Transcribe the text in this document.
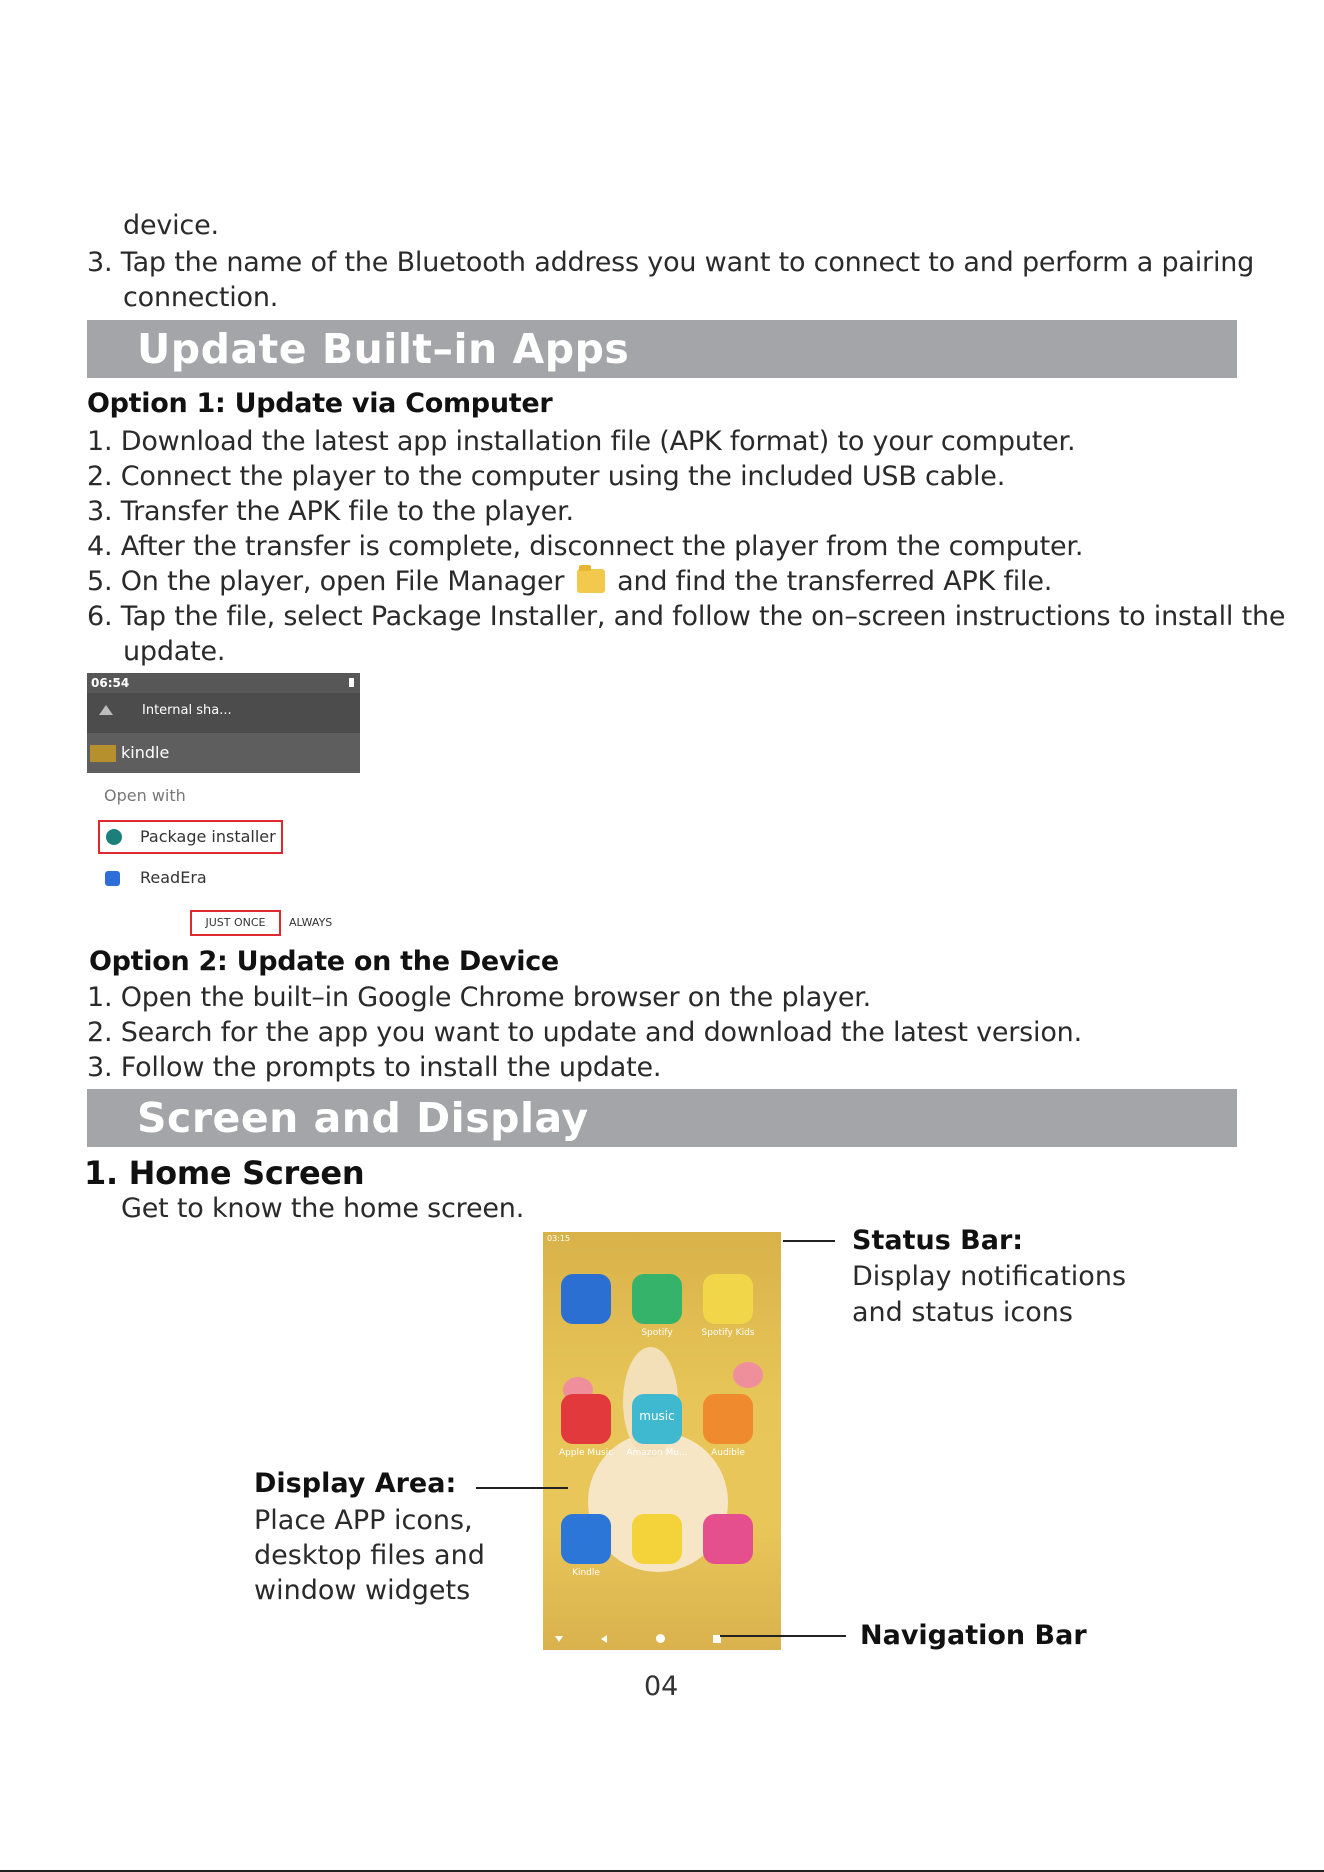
device.
3. Tap the name of the Bluetooth address you want to connect to and perform a pairing
connection.
Update Built–in Apps
Option 1: Update via Computer
1. Download the latest app installation file (APK format) to your computer.
2. Connect the player to the computer using the included USB cable.
3. Transfer the APK file to the player.
4. After the transfer is complete, disconnect the player from the computer.
5. On the player, open File Manager and find the transferred APK file.
6. Tap the file, select Package Installer, and follow the on–screen instructions to install the
update.
06:54
Internal sha...
kindle
Open with
Package installer
ReadEra
JUST ONCE	ALWAYS
Option 2: Update on the Device
1. Open the built–in Google Chrome browser on the player.
2. Search for the app you want to update and download the latest version.
3. Follow the prompts to install the update.
Screen and Display
1. Home Screen
Get to know the home screen.
03:15
Spotify	Spotify Kids
Apple Music
music
Amazon Mu...	Audible
Kindle
Status Bar:
Display notifications
and status icons
Display Area:
Place APP icons,
desktop files and
window widgets
Navigation Bar
04
